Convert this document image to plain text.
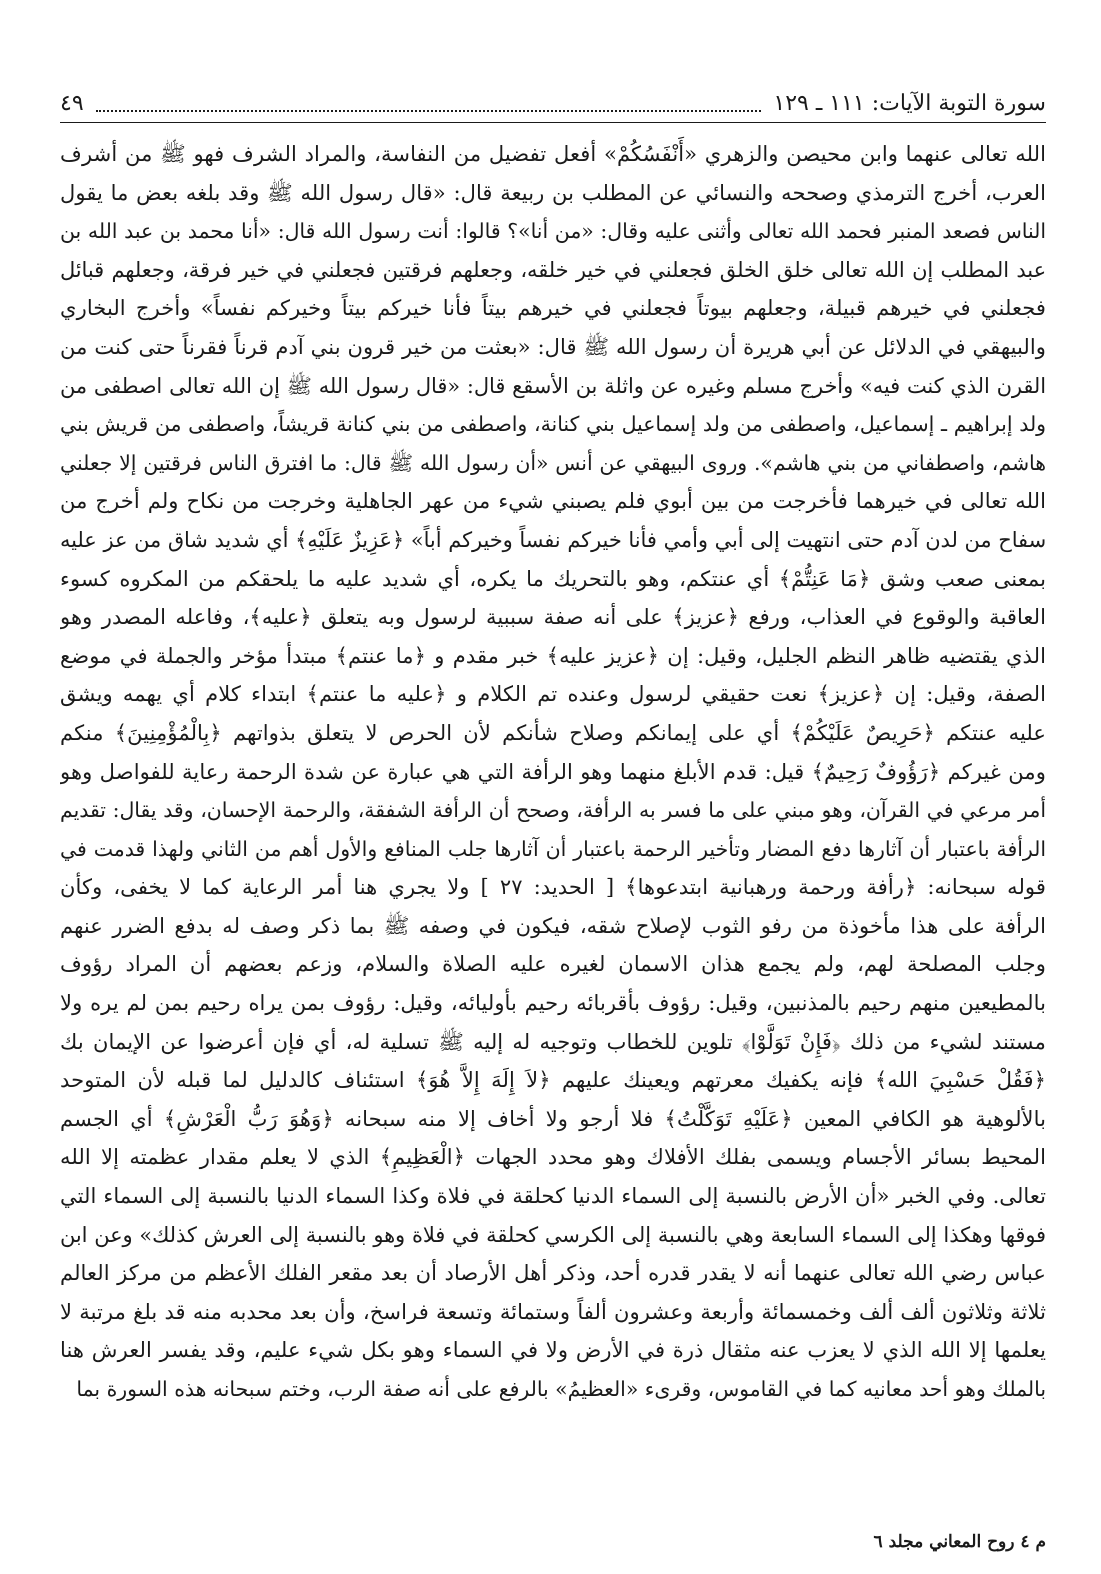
سورة التوبة الآيات: ١١١ ـ ١٢٩
٤٩
الله تعالى عنهما وابن محيصن والزهري «أَنْفَسُكُمْ» أفعل تفضيل من النفاسة، والمراد الشرف فهو ﷺ من أشرف
العرب، أخرج الترمذي وصححه والنسائي عن المطلب بن ربيعة قال: «قال رسول الله ﷺ وقد بلغه بعض ما يقول
الناس فصعد المنبر فحمد الله تعالى وأثنى عليه وقال: «من أنا»؟ قالوا: أنت رسول الله قال: «أنا محمد بن عبد الله بن
عبد المطلب إن الله تعالى خلق الخلق فجعلني في خير خلقه، وجعلهم فرقتين فجعلني في خير فرقة، وجعلهم قبائل
فجعلني في خيرهم قبيلة، وجعلهم بيوتاً فجعلني في خيرهم بيتاً فأنا خيركم بيتاً وخيركم نفساً» وأخرج البخاري
والبيهقي في الدلائل عن أبي هريرة أن رسول الله ﷺ قال: «بعثت من خير قرون بني آدم قرناً فقرناً حتى كنت من
القرن الذي كنت فيه» وأخرج مسلم وغيره عن واثلة بن الأسقع قال: «قال رسول الله ﷺ إن الله تعالى اصطفى من
ولد إبراهيم ـ إسماعيل، واصطفى من ولد إسماعيل بني كنانة، واصطفى من بني كنانة قريشاً، واصطفى من قريش بني
هاشم، واصطفاني من بني هاشم». وروى البيهقي عن أنس «أن رسول الله ﷺ قال: ما افترق الناس فرقتين إلا جعلني
الله تعالى في خيرهما فأخرجت من بين أبوي فلم يصبني شيء من عهر الجاهلية وخرجت من نكاح ولم أخرج من
سفاح من لدن آدم حتى انتهيت إلى أبي وأمي فأنا خيركم نفساً وخيركم أباً» ﴿عَزِيزٌ عَلَيْهِ﴾ أي شديد شاق من عز عليه
بمعنى صعب وشق ﴿مَا عَنِتُّمْ﴾ أي عنتكم، وهو بالتحريك ما يكره، أي شديد عليه ما يلحقكم من المكروه كسوء
العاقبة والوقوع في العذاب، ورفع ﴿عزيز﴾ على أنه صفة سببية لرسول وبه يتعلق ﴿عليه﴾، وفاعله المصدر وهو
الذي يقتضيه ظاهر النظم الجليل، وقيل: إن ﴿عزيز عليه﴾ خبر مقدم و ﴿ما عنتم﴾ مبتدأ مؤخر والجملة في موضع
الصفة، وقيل: إن ﴿عزيز﴾ نعت حقيقي لرسول وعنده تم الكلام و ﴿عليه ما عنتم﴾ ابتداء كلام أي يهمه ويشق
عليه عنتكم ﴿حَرِيصٌ عَلَيْكُمْ﴾ أي على إيمانكم وصلاح شأنكم لأن الحرص لا يتعلق بذواتهم ﴿بِالْمُؤْمِنِينَ﴾ منكم
ومن غيركم ﴿رَؤُوفٌ رَحِيمٌ﴾ قيل: قدم الأبلغ منهما وهو الرأفة التي هي عبارة عن شدة الرحمة رعاية للفواصل وهو
أمر مرعي في القرآن، وهو مبني على ما فسر به الرأفة، وصحح أن الرأفة الشفقة، والرحمة الإحسان، وقد يقال: تقديم
الرأفة باعتبار أن آثارها دفع المضار وتأخير الرحمة باعتبار أن آثارها جلب المنافع والأول أهم من الثاني ولهذا قدمت في
قوله سبحانه: ﴿رأفة ورحمة ورهبانية ابتدعوها﴾ [ الحديد: ٢٧ ] ولا يجري هنا أمر الرعاية كما لا يخفى، وكأن
الرأفة على هذا مأخوذة من رفو الثوب لإصلاح شقه، فيكون في وصفه ﷺ بما ذكر وصف له بدفع الضرر عنهم
وجلب المصلحة لهم، ولم يجمع هذان الاسمان لغيره عليه الصلاة والسلام، وزعم بعضهم أن المراد رؤوف
بالمطيعين منهم رحيم بالمذنبين، وقيل: رؤوف بأقربائه رحيم بأوليائه، وقيل: رؤوف بمن يراه رحيم بمن لم يره ولا
مستند لشيء من ذلك ﴿فَإِنْ تَوَلَّوْا﴾ تلوين للخطاب وتوجيه له إليه ﷺ تسلية له، أي فإن أعرضوا عن الإيمان بك
﴿فَقُلْ حَسْبِيَ الله﴾ فإنه يكفيك معرتهم ويعينك عليهم ﴿لاَ إِلَهَ إِلاَّ هُوَ﴾ استئناف كالدليل لما قبله لأن المتوحد
بالألوهية هو الكافي المعين ﴿عَلَيْهِ تَوَكَّلْتُ﴾ فلا أرجو ولا أخاف إلا منه سبحانه ﴿وَهُوَ رَبُّ الْعَرْشِ﴾ أي الجسم
المحيط بسائر الأجسام ويسمى بفلك الأفلاك وهو محدد الجهات ﴿الْعَظِيمِ﴾ الذي لا يعلم مقدار عظمته إلا الله
تعالى. وفي الخبر «أن الأرض بالنسبة إلى السماء الدنيا كحلقة في فلاة وكذا السماء الدنيا بالنسبة إلى السماء التي
فوقها وهكذا إلى السماء السابعة وهي بالنسبة إلى الكرسي كحلقة في فلاة وهو بالنسبة إلى العرش كذلك» وعن ابن
عباس رضي الله تعالى عنهما أنه لا يقدر قدره أحد، وذكر أهل الأرصاد أن بعد مقعر الفلك الأعظم من مركز العالم
ثلاثة وثلاثون ألف ألف وخمسمائة وأربعة وعشرون ألفاً وستمائة وتسعة فراسخ، وأن بعد محدبه منه قد بلغ مرتبة لا
يعلمها إلا الله الذي لا يعزب عنه مثقال ذرة في الأرض ولا في السماء وهو بكل شيء عليم، وقد يفسر العرش هنا
بالملك وهو أحد معانيه كما في القاموس، وقرىء «العظيمُ» بالرفع على أنه صفة الرب، وختم سبحانه هذه السورة بما
م ٤ روح المعاني مجلد ٦
